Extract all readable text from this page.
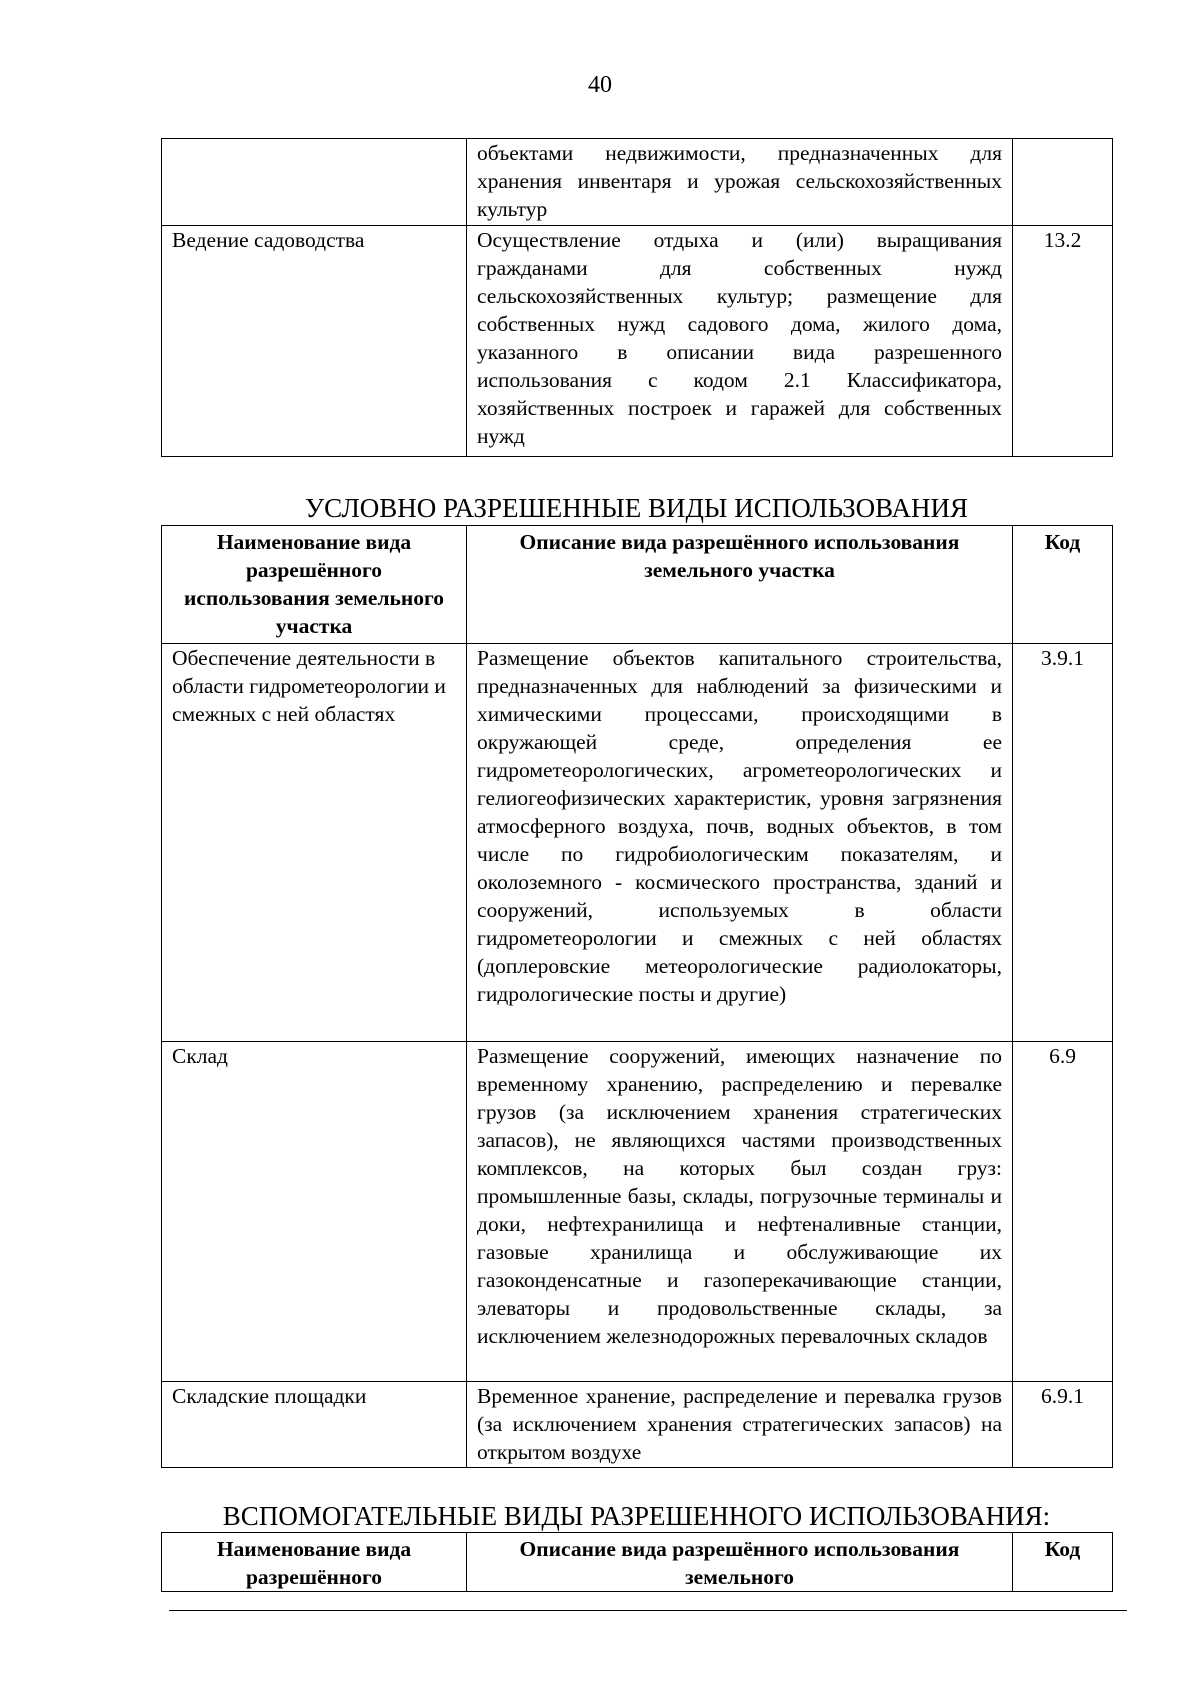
40
	объектами недвижимости, предназначенных для хранения инвентаря и урожая сельскохозяйственных культур	
Ведение садоводства	Осуществление отдыха и (или) выращивания гражданами для собственных нужд сельскохозяйственных культур; размещение для собственных нужд садового дома, жилого дома, указанного в описании вида разрешенного использования с кодом 2.1 Классификатора, хозяйственных построек и гаражей для собственных нужд	13.2
УСЛОВНО РАЗРЕШЕННЫЕ ВИДЫ ИСПОЛЬЗОВАНИЯ
Наименование вида разрешённого использования земельного участка	Описание вида разрешённого использования земельного участка	Код
Обеспечение деятельности в области гидрометеорологии и смежных с ней областях	Размещение объектов капитального строительства, предназначенных для наблюдений за физическими и химическими процессами, происходящими в окружающей среде, определения ее гидрометеорологических, агрометеорологических и гелиогеофизических характеристик, уровня загрязнения атмосферного воздуха, почв, водных объектов, в том числе по гидробиологическим показателям, и околоземного - космического пространства, зданий и сооружений, используемых в области гидрометеорологии и смежных с ней областях (доплеровские метеорологические радиолокаторы, гидрологические посты и другие)	3.9.1
Склад	Размещение сооружений, имеющих назначение по временному хранению, распределению и перевалке грузов (за исключением хранения стратегических запасов), не являющихся частями производственных комплексов, на которых был создан груз: промышленные базы, склады, погрузочные терминалы и доки, нефтехранилища и нефтеналивные станции, газовые хранилища и обслуживающие их газоконденсатные и газоперекачивающие станции, элеваторы и продовольственные склады, за исключением железнодорожных перевалочных складов	6.9
Складские площадки	Временное хранение, распределение и перевалка грузов (за исключением хранения стратегических запасов) на открытом воздухе	6.9.1
ВСПОМОГАТЕЛЬНЫЕ ВИДЫ РАЗРЕШЕННОГО ИСПОЛЬЗОВАНИЯ:
Наименование вида разрешённого	Описание вида разрешённого использования земельного	Код
